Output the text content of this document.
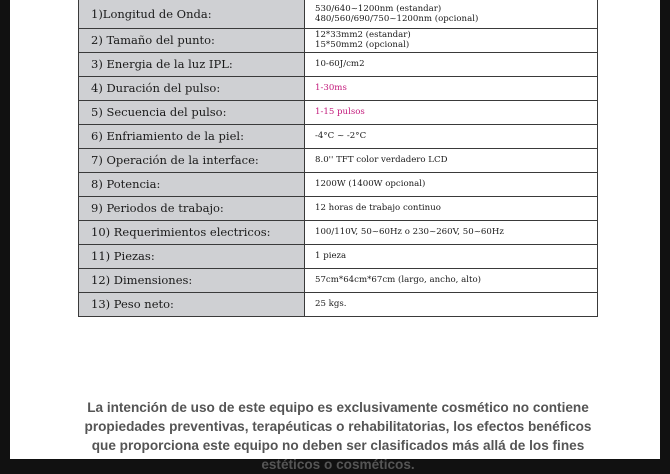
1)Longitud de Onda:	530/640~1200nm (estandar)
480/560/690/750~1200nm (opcional)

2) Tamaño del punto:	12*33mm2 (estandar)
15*50mm2 (opcional)

3) Energia de la luz IPL:	10-60J/cm2

4) Duración del pulso:	1-30ms

5) Secuencia del pulso:	1-15 pulsos

6) Enfriamiento de la piel:	-4°C ~ -2°C

7) Operación de la interface:	8.0'' TFT color verdadero LCD

8) Potencia:	1200W (1400W opcional)

9) Periodos de trabajo:	12 horas de trabajo continuo

10) Requerimientos electricos:	100/110V, 50~60Hz o 230~260V, 50~60Hz

11) Piezas:	1 pieza

12) Dimensiones:	57cm*64cm*67cm (largo, ancho, alto)

13) Peso neto:	25 kgs.

La intención de uso de este equipo es exclusivamente cosmético no contiene propiedades preventivas, terapéuticas o rehabilitatorias, los efectos benéficos que proporciona este equipo no deben ser clasificados más allá de los fines estéticos o cosméticos.
